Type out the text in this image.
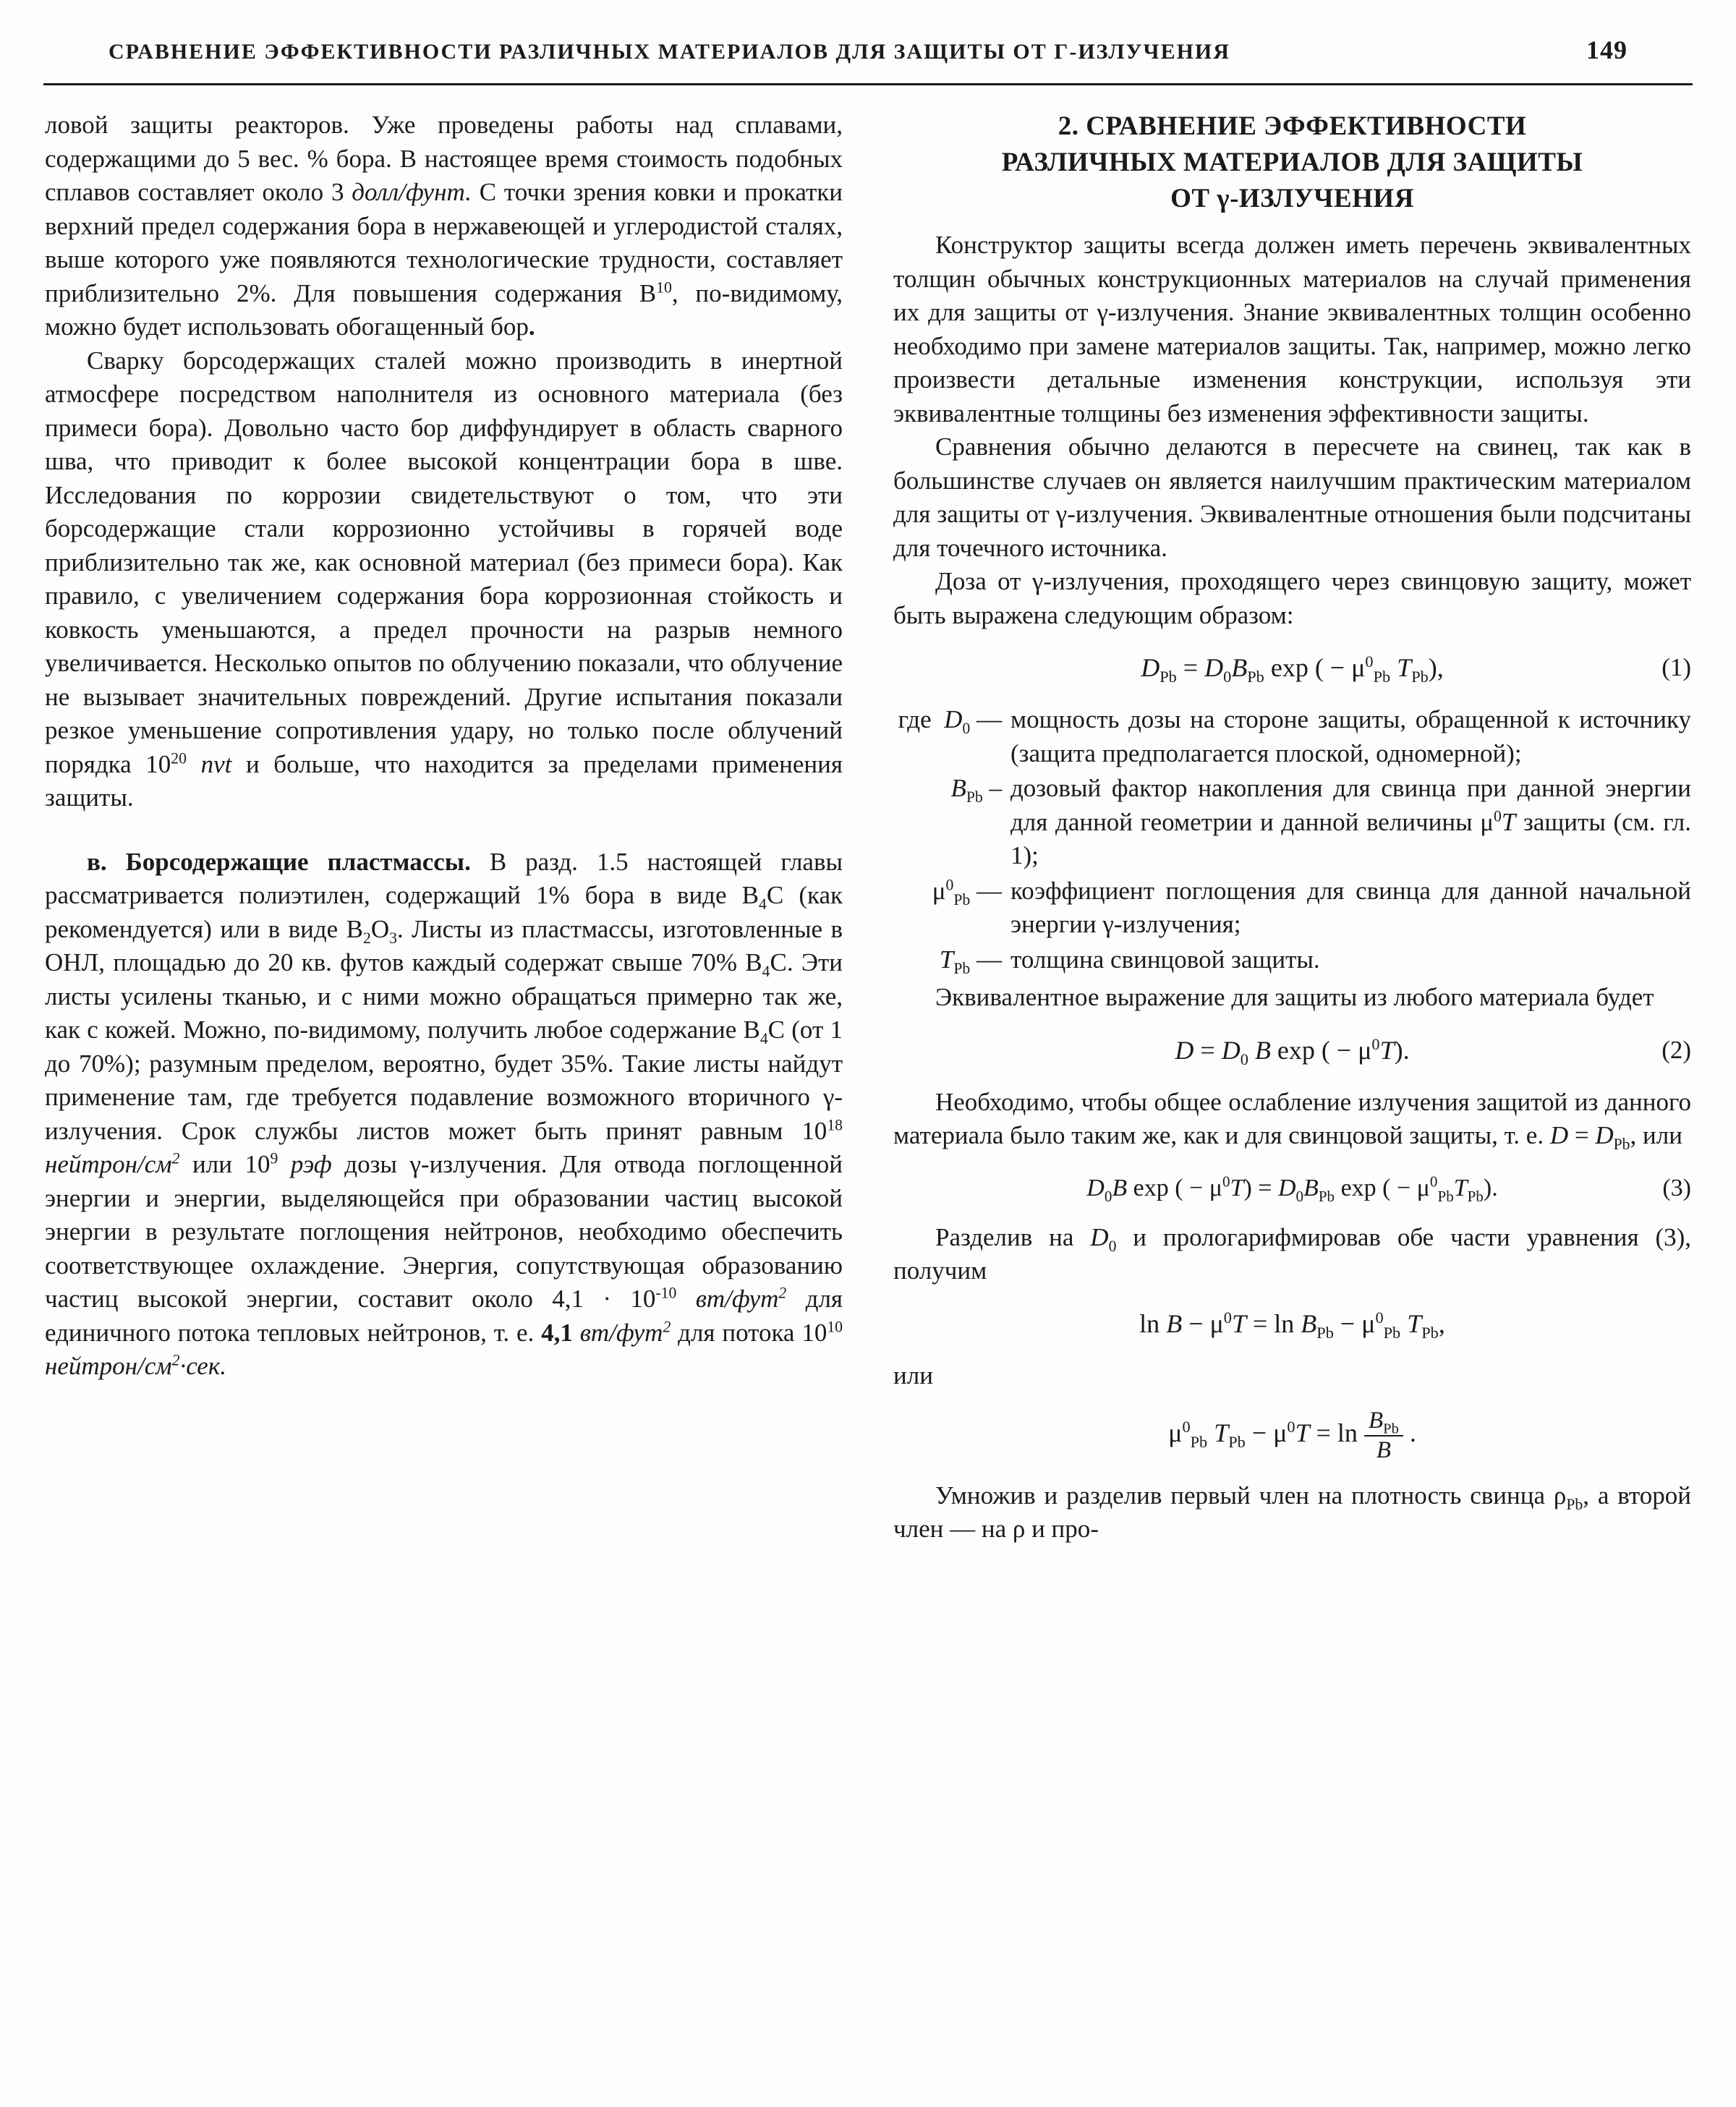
СРАВНЕНИЕ ЭФФЕКТИВНОСТИ РАЗЛИЧНЫХ МАТЕРИАЛОВ ДЛЯ ЗАЩИТЫ ОТ Γ-ИЗЛУЧЕНИЯ	149

ловой защиты реакторов. Уже проведены работы над сплавами, содержащими до 5 вес. % бора. В настоящее время стоимость подобных сплавов составляет около 3 долл/фунт. С точки зрения ковки и прокатки верхний предел содержания бора в нержавеющей и углеродистой сталях, выше которого уже появляются технологические трудности, составляет приблизительно 2%. Для повышения содержания $B^{10}$, по-видимому, можно будет использовать обогащенный бор.

Сварку борсодержащих сталей можно производить в инертной атмосфере посредством наполнителя из основного материала (без примеси бора). Довольно часто бор диффундирует в область сварного шва, что приводит к более высокой концентрации бора в шве. Исследования по коррозии свидетельствуют о том, что эти борсодержащие стали коррозионно устойчивы в горячей воде приблизительно так же, как основной материал (без примеси бора). Как правило, с увеличением содержания бора коррозионная стойкость и ковкость уменьшаются, а предел прочности на разрыв немного увеличивается. Несколько опытов по облучению показали, что облучение не вызывает значительных повреждений. Другие испытания показали резкое уменьшение сопротивления удару, но только после облучений порядка $10^{20}$ nvt и больше, что находится за пределами применения защиты.

в. Борсодержащие пластмассы. В разд. 1.5 настоящей главы рассматривается полиэтилен, содержащий 1% бора в виде $B_4C$ (как рекомендуется) или в виде $B_2O_3$. Листы из пластмассы, изготовленные в ОНЛ, площадью до 20 кв. футов каждый содержат свыше 70% $B_4C$. Эти листы усилены тканью, и с ними можно обращаться примерно так же, как с кожей. Можно, по-видимому, получить любое содержание $B_4C$ (от 1 до 70%); разумным пределом, вероятно, будет 35%. Такие листы найдут применение там, где требуется подавление возможного вторичного γ-излучения. Срок службы листов может быть принят равным $10^{18}$ нейтрон/$см^2$ или $10^9$ рэф дозы γ-излучения. Для отвода поглощенной энергии и энергии, выделяющейся при образовании частиц высокой энергии в результате поглощения нейтронов, необходимо обеспечить соответствующее охлаждение. Энергия, сопутствующая образованию частиц высокой энергии, составит около $4,1 \cdot 10^{-10}$ вт/фут$^2$ для единичного потока тепловых нейтронов, т. е. 4,1 вт/фут$^2$ для потока $10^{10}$ нейтрон/$см^2\cdot сек$.

2. СРАВНЕНИЕ ЭФФЕКТИВНОСТИ
РАЗЛИЧНЫХ МАТЕРИАЛОВ ДЛЯ ЗАЩИТЫ
ОТ γ-ИЗЛУЧЕНИЯ

Конструктор защиты всегда должен иметь перечень эквивалентных толщин обычных конструкционных материалов на случай применения их для защиты от γ-излучения. Знание эквивалентных толщин особенно необходимо при замене материалов защиты. Так, например, можно легко произвести детальные изменения конструкции, используя эти эквивалентные толщины без изменения эффективности защиты.

Сравнения обычно делаются в пересчете на свинец, так как в большинстве случаев он является наилучшим практическим материалом для защиты от γ-излучения. Эквивалентные отношения были подсчитаны для точечного источника.

Доза от γ-излучения, проходящего через свинцовую защиту, может быть выражена следующим образом:

$D_{Pb} = D_0B_{Pb}$ exp ( − $\mu^0_{Pb}$ $T_{Pb}$),	(1)
где $D_0$ — мощность дозы на стороне защиты, обращенной к источнику (защита предполагается плоской, одномерной);
$B_{Pb}$ – дозовый фактор накопления для свинца при данной энергии для данной геометрии и данной величины $\mu^0T$ защиты (см. гл. 1);
$\mu^0_{Pb}$ — коэффициент поглощения для свинца для данной начальной энергии γ-излучения;
$T_{Pb}$ — толщина свинцовой защиты.

Эквивалентное выражение для защиты из любого материала будет

$D = D_0$ B exp ( − $\mu^0T$).	(2)

Необходимо, чтобы общее ослабление излучения защитой из данного материала было таким же, как и для свинцовой защиты, т. е. $D = D_{Pb}$, или

$D_0B$ exp ( − $\mu^0T) = D_0B_{Pb}$ exp ( − $\mu^0_{Pb}T_{Pb}$).	(3)

Разделив на $D_0$ и прологарифмировав обе части уравнения (3), получим

$\ln B - \mu^0T = \ln B_{Pb} - \mu^0_{Pb}$ $T_{Pb}$,

или

$\mu^0_{Pb}$ $T_{Pb} - \mu^0T = \ln \frac{B_{Pb}}{B}$ .

Умножив и разделив первый член на плотность свинца $\rho_{Pb}$, а второй член — на ρ и про-
